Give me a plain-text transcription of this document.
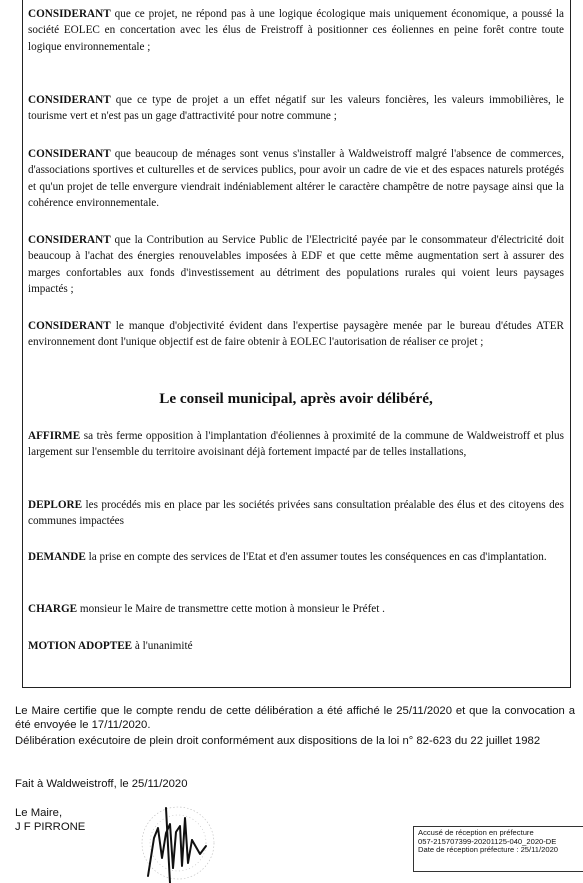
CONSIDERANT que ce projet, ne répond pas à une logique écologique mais uniquement économique, a poussé la société EOLEC en concertation avec les élus de Freistroff à positionner ces éoliennes en peine forêt contre toute logique environnementale ;
CONSIDERANT que ce type de projet a un effet négatif sur les valeurs foncières, les valeurs immobilières, le tourisme vert et n'est pas un gage d'attractivité pour notre commune ;
CONSIDERANT que beaucoup de ménages sont venus s'installer à Waldweistroff malgré l'absence de commerces, d'associations sportives et culturelles et de services publics, pour avoir un cadre de vie et des espaces naturels protégés et qu'un projet de telle envergure viendrait indéniablement altérer le caractère champêtre de notre paysage ainsi que la cohérence environnementale.
CONSIDERANT que la Contribution au Service Public de l'Electricité payée par le consommateur d'électricité doit beaucoup à l'achat des énergies renouvelables imposées à EDF et que cette même augmentation sert à assurer des marges confortables aux fonds d'investissement au détriment des populations rurales qui voient leurs paysages impactés ;
CONSIDERANT le manque d'objectivité évident dans l'expertise paysagère menée par le bureau d'études ATER environnement dont l'unique objectif est de faire obtenir à EOLEC l'autorisation de réaliser ce projet ;
Le conseil municipal, après avoir délibéré,
AFFIRME sa très ferme opposition à l'implantation d'éoliennes à proximité de la commune de Waldweistroff et plus largement sur l'ensemble du territoire avoisinant déjà fortement impacté par de telles installations,
DEPLORE les procédés mis en place par les sociétés privées sans consultation préalable des élus et des citoyens des communes impactées
DEMANDE la prise en compte des services de l'Etat et d'en assumer toutes les conséquences en cas d'implantation.
CHARGE monsieur le Maire de transmettre cette motion à monsieur le Préfet .
MOTION ADOPTEE à l'unanimité
Le Maire certifie que le compte rendu de cette délibération a été affiché le 25/11/2020 et que la convocation a été envoyée le 17/11/2020.
Délibération exécutoire de plein droit conformément aux dispositions de la loi n° 82-623 du 22 juillet 1982
Fait à Waldweistroff, le 25/11/2020
Le Maire,
J F PIRRONE	Accusé de réception en préfecture
057-215707399-20201125-040_2020-DE
Date de réception préfecture : 25/11/2020
